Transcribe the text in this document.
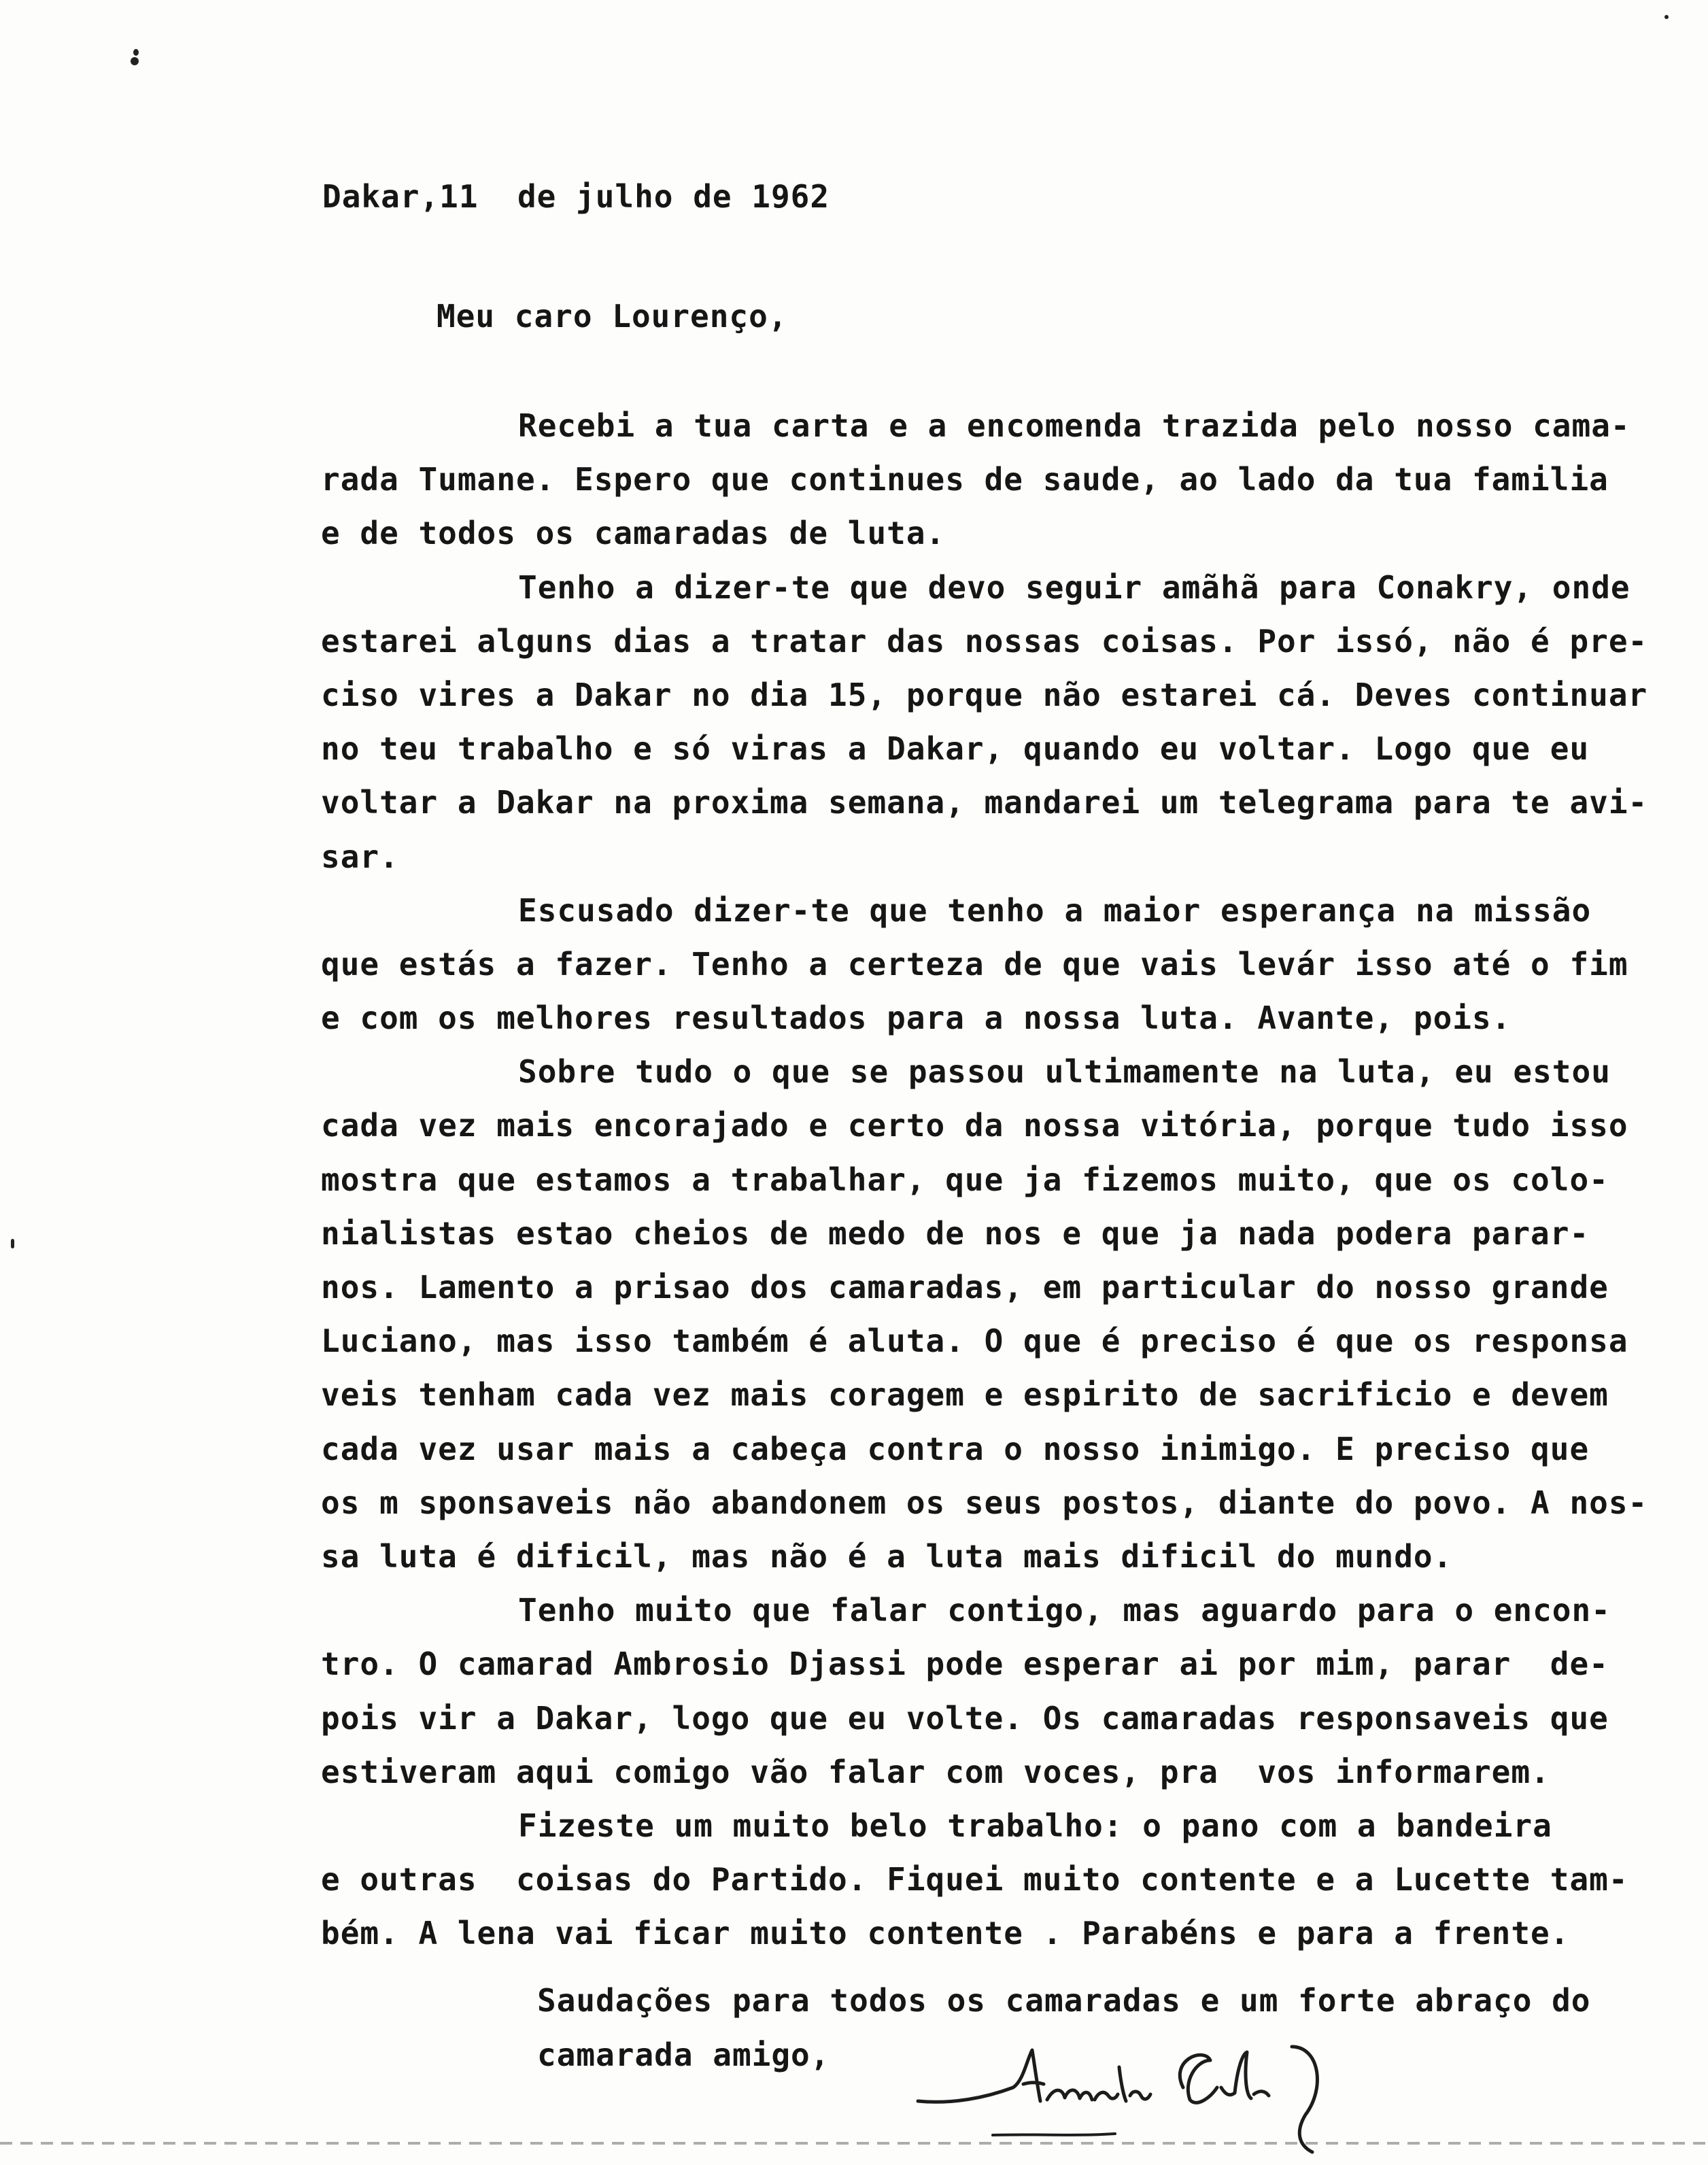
Dakar,11  de julho de 1962
Meu caro Lourenço,
Recebi a tua carta e a encomenda trazida pelo nosso cama-
rada Tumane. Espero que continues de saude, ao lado da tua familia
e de todos os camaradas de luta.
Tenho a dizer-te que devo seguir amãhã para Conakry, onde
estarei alguns dias a tratar das nossas coisas. Por issó, não é pre-
ciso vires a Dakar no dia 15, porque não estarei cá. Deves continuar
no teu trabalho e só viras a Dakar, quando eu voltar. Logo que eu
voltar a Dakar na proxima semana, mandarei um telegrama para te avi-
sar.
Escusado dizer-te que tenho a maior esperança na missão
que estás a fazer. Tenho a certeza de que vais levár isso até o fim
e com os melhores resultados para a nossa luta. Avante, pois.
Sobre tudo o que se passou ultimamente na luta, eu estou
cada vez mais encorajado e certo da nossa vitória, porque tudo isso
mostra que estamos a trabalhar, que ja fizemos muito, que os colo-
nialistas estao cheios de medo de nos e que ja nada podera parar-
nos. Lamento a prisao dos camaradas, em particular do nosso grande
Luciano, mas isso também é aluta. O que é preciso é que os responsa
veis tenham cada vez mais coragem e espirito de sacrificio e devem
cada vez usar mais a cabeça contra o nosso inimigo. E preciso que
os m sponsaveis não abandonem os seus postos, diante do povo. A nos-
sa luta é dificil, mas não é a luta mais dificil do mundo.
Tenho muito que falar contigo, mas aguardo para o encon-
tro. O camarad Ambrosio Djassi pode esperar ai por mim, parar  de-
pois vir a Dakar, logo que eu volte. Os camaradas responsaveis que
estiveram aqui comigo vão falar com voces, pra  vos informarem.
Fizeste um muito belo trabalho: o pano com a bandeira
e outras  coisas do Partido. Fiquei muito contente e a Lucette tam-
bém. A lena vai ficar muito contente . Parabéns e para a frente.
Saudações para todos os camaradas e um forte abraço do
camarada amigo,
